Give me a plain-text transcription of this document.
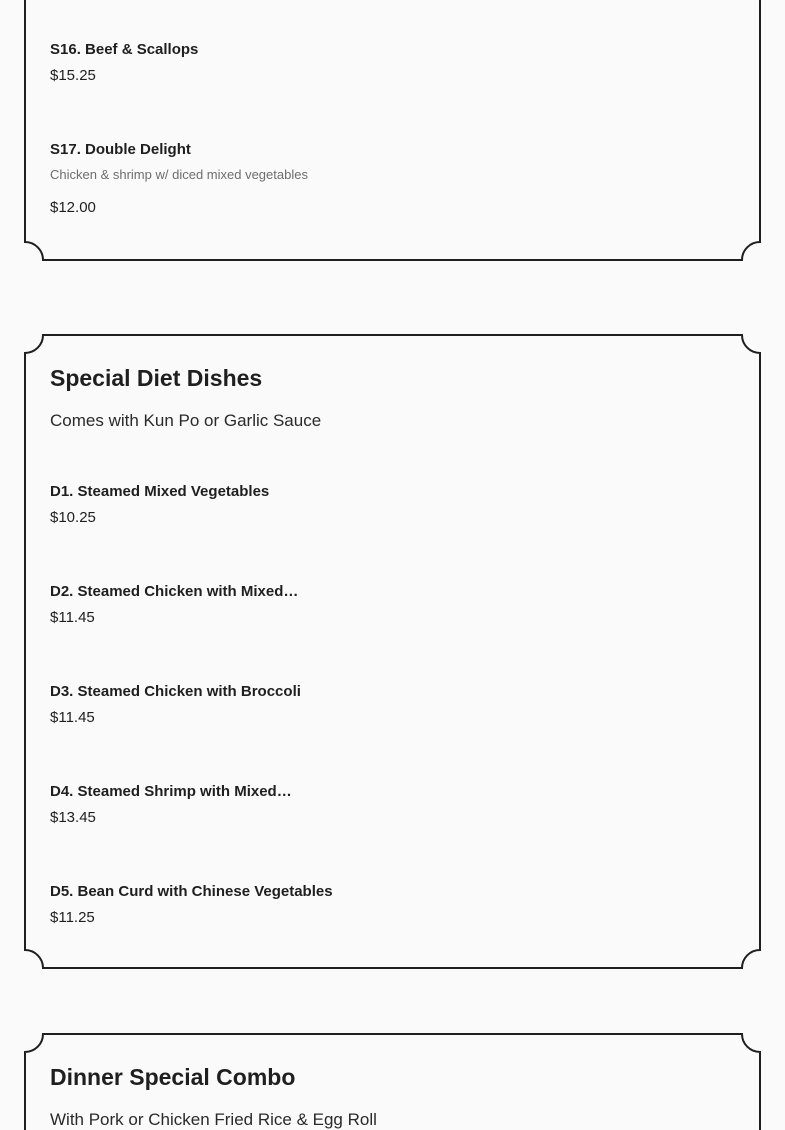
S16. Beef & Scallops
$15.25
S17. Double Delight
Chicken & shrimp w/ diced mixed vegetables
$12.00
Special Diet Dishes

Comes with Kun Po or Garlic Sauce

D1. Steamed Mixed Vegetables
$10.25
D2. Steamed Chicken with Mixed…
$11.45
D3. Steamed Chicken with Broccoli
$11.45
D4. Steamed Shrimp with Mixed…
$13.45
D5. Bean Curd with Chinese Vegetables
$11.25
Dinner Special Combo

With Pork or Chicken Fried Rice & Egg Roll
